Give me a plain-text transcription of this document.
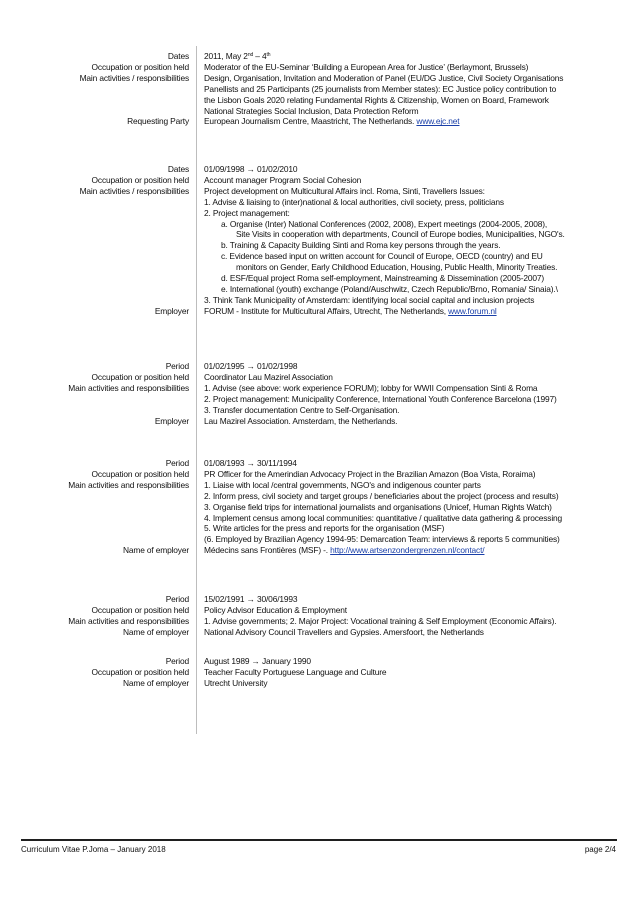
Dates 2011, May 2nd – 4th
Occupation or position held Moderator of the EU-Seminar ‘Building a European Area for Justice’ (Berlaymont, Brussels)
Main activities / responsibilities Design, Organisation, Invitation and Moderation of Panel (EU/DG Justice, Civil Society Organisations
Panellists and 25 Participants (25 journalists from Member states): EC Justice policy contribution to
the Lisbon Goals 2020 relating Fundamental Rights & Citizenship, Women on Board, Framework
National Strategies Social Inclusion, Data Protection Reform
Requesting Party European Journalism Centre, Maastricht, The Netherlands. www.ejc.net
Dates 01/09/1998 → 01/02/2010
Occupation or position held Account manager Program Social Cohesion
Main activities / responsibilities Project development on Multicultural Affairs incl. Roma, Sinti, Travellers Issues:
1. Advise & liaising to (inter)national & local authorities, civil society, press, politicians
2. Project management:
a. Organise (Inter) National Conferences (2002, 2008), Expert meetings (2004-2005, 2008),
Site Visits in cooperation with departments, Council of Europe bodies, Municipalities, NGO's.
b. Training & Capacity Building Sinti and Roma key persons through the years.
c. Evidence based input on written account for Council of Europe, OECD (country) and EU
monitors on Gender, Early Childhood Education, Housing, Public Health, Minority Treaties.
d. ESF/Equal project Roma self-employment, Mainstreaming & Dissemination (2005-2007)
e. International (youth) exchange (Poland/Auschwitz, Czech Republic/Brno, Romania/ Sinaia).\
3. Think Tank Municipality of Amsterdam: identifying local social capital and inclusion projects
Employer FORUM - Institute for Multicultural Affairs, Utrecht, The Netherlands, www.forum.nl
Period 01/02/1995 → 01/02/1998
Occupation or position held Coordinator Lau Mazirel Association
Main activities and responsibilities 1. Advise (see above: work experience FORUM); lobby for WWII Compensation Sinti & Roma
2. Project management: Municipality Conference, International Youth Conference Barcelona (1997)
3. Transfer documentation Centre to Self-Organisation.
Employer Lau Mazirel Association. Amsterdam, the Netherlands.
Period 01/08/1993 → 30/11/1994
Occupation or position held PR Officer for the Amerindian Advocacy Project in the Brazilian Amazon (Boa Vista, Roraima)
Main activities and responsibilities 1. Liaise with local /central governments, NGO's and indigenous counter parts
2. Inform press, civil society and target groups / beneficiaries about the project (process and results)
3. Organise field trips for international journalists and organisations (Unicef, Human Rights Watch)
4. Implement census among local communities: quantitative / qualitative data gathering & processing
5. Write articles for the press and reports for the organisation (MSF)
(6. Employed by Brazilian Agency 1994-95: Demarcation Team: interviews & reports 5 communities)
Name of employer Médecins sans Frontières (MSF) -. http://www.artsenzondergrenzen.nl/contact/
Period 15/02/1991 → 30/06/1993
Occupation or position held Policy Advisor Education & Employment
Main activities and responsibilities 1. Advise governments; 2. Major Project: Vocational training & Self Employment (Economic Affairs).
Name of employer National Advisory Council Travellers and Gypsies. Amersfoort, the Netherlands
Period August 1989 → January 1990
Occupation or position held Teacher Faculty Portuguese Language and Culture
Name of employer Utrecht University
Curriculum Vitae P.Joma – January 2018	page 2/4
